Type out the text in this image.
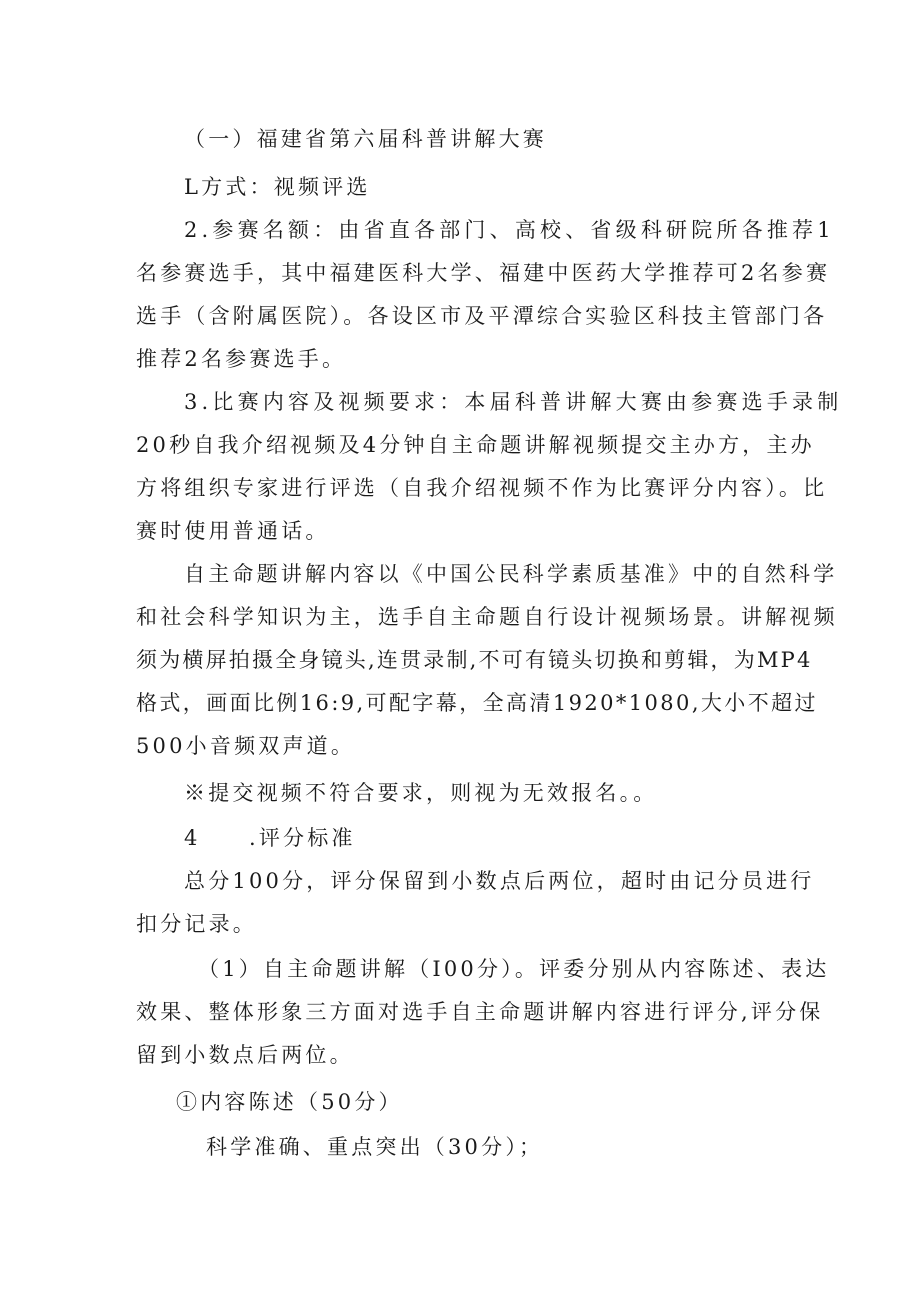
（一）福建省第六届科普讲解大赛
L方式：视频评选
2.参赛名额：由省直各部门、高校、省级科研院所各推荐1
名参赛选手，其中福建医科大学、福建中医药大学推荐可2名参赛
选手（含附属医院）。各设区市及平潭综合实验区科技主管部门各
推荐2名参赛选手。
3.比赛内容及视频要求：本届科普讲解大赛由参赛选手录制
20秒自我介绍视频及4分钟自主命题讲解视频提交主办方，主办
方将组织专家进行评选（自我介绍视频不作为比赛评分内容）。比
赛时使用普通话。
自主命题讲解内容以《中国公民科学素质基准》中的自然科学
和社会科学知识为主，选手自主命题自行设计视频场景。讲解视频
须为横屏拍摄全身镜头,连贯录制,不可有镜头切换和剪辑，为MP4
格式，画面比例16:9,可配字幕，全高清1920*1080,大小不超过
500小音频双声道。
※提交视频不符合要求，则视为无效报名。。
4　　.评分标准
总分100分，评分保留到小数点后两位，超时由记分员进行
扣分记录。
（1）自主命题讲解（I00分）。评委分别从内容陈述、表达
效果、整体形象三方面对选手自主命题讲解内容进行评分,评分保
留到小数点后两位。
①内容陈述（50分）
科学准确、重点突出（30分）；
